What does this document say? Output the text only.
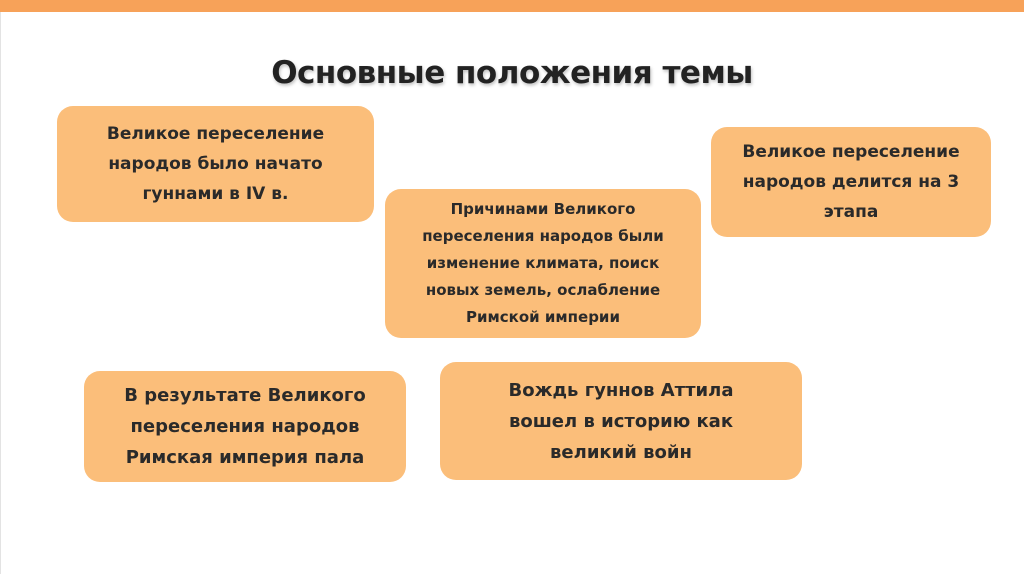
Основные положения темы
Великое переселение
народов было начато
гуннами в IV в.
Великое переселение
народов делится на 3
этапа
Причинами Великого
переселения народов были
изменение климата, поиск
новых земель, ослабление
Римской империи
В результате Великого
переселения народов
Римская империя пала
Вождь гуннов Аттила
вошел в историю как
великий войн
